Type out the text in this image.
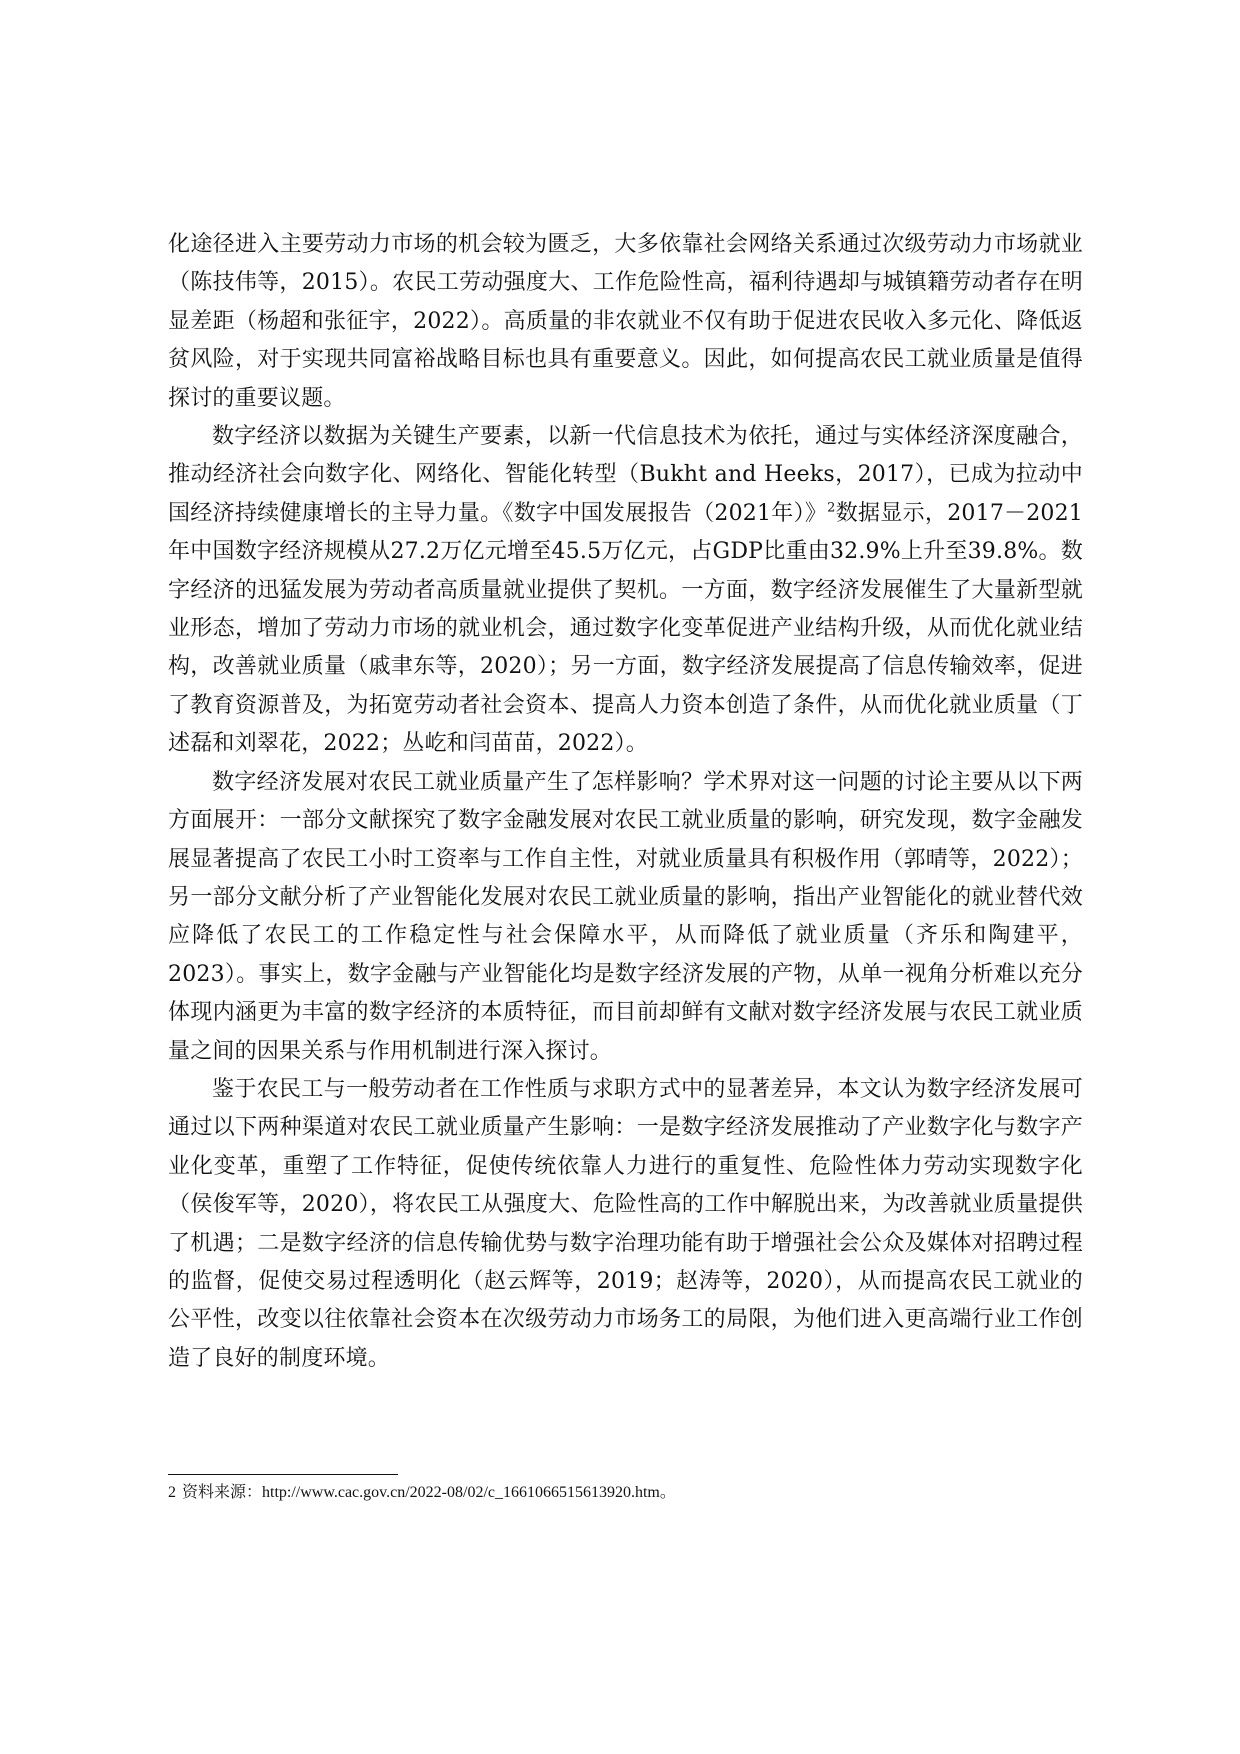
化途径进入主要劳动力市场的机会较为匮乏，大多依靠社会网络关系通过次级劳动力市场就业（陈技伟等，2015）。农民工劳动强度大、工作危险性高，福利待遇却与城镇籍劳动者存在明显差距（杨超和张征宇，2022）。高质量的非农就业不仅有助于促进农民收入多元化、降低返贫风险，对于实现共同富裕战略目标也具有重要意义。因此，如何提高农民工就业质量是值得探讨的重要议题。

数字经济以数据为关键生产要素，以新一代信息技术为依托，通过与实体经济深度融合，推动经济社会向数字化、网络化、智能化转型（Bukht and Heeks，2017），已成为拉动中国经济持续健康增长的主导力量。《数字中国发展报告（2021年）》$^2$数据显示，2017－2021年中国数字经济规模从27.2万亿元增至45.5万亿元，占GDP比重由32.9%上升至39.8%。数字经济的迅猛发展为劳动者高质量就业提供了契机。一方面，数字经济发展催生了大量新型就业形态，增加了劳动力市场的就业机会，通过数字化变革促进产业结构升级，从而优化就业结构，改善就业质量（戚聿东等，2020）；另一方面，数字经济发展提高了信息传输效率，促进了教育资源普及，为拓宽劳动者社会资本、提高人力资本创造了条件，从而优化就业质量（丁述磊和刘翠花，2022；丛屹和闫苗苗，2022）。

数字经济发展对农民工就业质量产生了怎样影响？学术界对这一问题的讨论主要从以下两方面展开：一部分文献探究了数字金融发展对农民工就业质量的影响，研究发现，数字金融发展显著提高了农民工小时工资率与工作自主性，对就业质量具有积极作用（郭晴等，2022）；另一部分文献分析了产业智能化发展对农民工就业质量的影响，指出产业智能化的就业替代效应降低了农民工的工作稳定性与社会保障水平，从而降低了就业质量（齐乐和陶建平，2023）。事实上，数字金融与产业智能化均是数字经济发展的产物，从单一视角分析难以充分体现内涵更为丰富的数字经济的本质特征，而目前却鲜有文献对数字经济发展与农民工就业质量之间的因果关系与作用机制进行深入探讨。

鉴于农民工与一般劳动者在工作性质与求职方式中的显著差异，本文认为数字经济发展可通过以下两种渠道对农民工就业质量产生影响：一是数字经济发展推动了产业数字化与数字产业化变革，重塑了工作特征，促使传统依靠人力进行的重复性、危险性体力劳动实现数字化（侯俊军等，2020），将农民工从强度大、危险性高的工作中解脱出来，为改善就业质量提供了机遇；二是数字经济的信息传输优势与数字治理功能有助于增强社会公众及媒体对招聘过程的监督，促使交易过程透明化（赵云辉等，2019；赵涛等，2020），从而提高农民工就业的公平性，改变以往依靠社会资本在次级劳动力市场务工的局限，为他们进入更高端行业工作创造了良好的制度环境。

2 资料来源：http://www.cac.gov.cn/2022-08/02/c_1661066515613920.htm。
